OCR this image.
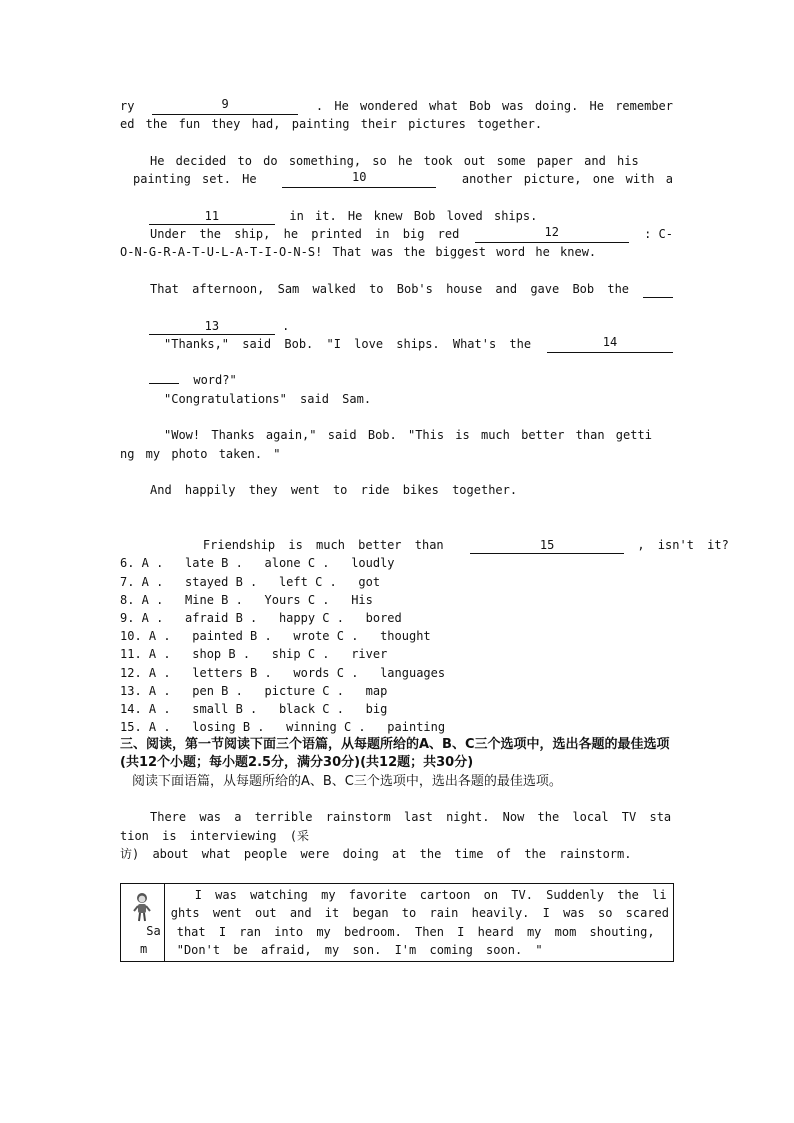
ry	9	. He wondered what Bob was doing. He remember
ed the fun they had, painting their pictures together.
He decided to do something, so he took out some paper and his
painting set. He	10	another picture, one with a

11	in it. He knew Bob loved ships.

Under the ship, he printed in big red	12	: C-
O-N-G-R-A-T-U-L-A-T-I-O-N-S! That was the biggest word he knew.
That afternoon, Sam walked to Bob's house and gave Bob the

13	.

"Thanks," said Bob. "I love ships. What's the	14

word?"

"Congratulations" said Sam.
"Wow! Thanks again," said Bob. "This is much better than getti
ng my photo taken. "
And happily they went to ride bikes together.

Friendship is much better than	15	, isn't it?

6. A .   late B .   alone C .   loudly
7. A .   stayed B .   left C .   got
8. A .   Mine B .   Yours C .   His
9. A .   afraid B .   happy C .   bored
10. A .   painted B .   wrote C .   thought
11. A .   shop B .   ship C .   river
12. A .   letters B .   words C .   languages
13. A .   pen B .   picture C .   map
14. A .   small B .   black C .   big
15. A .   losing B .   winning C .   painting
三、阅读，第一节阅读下面三个语篇，从每题所给的A、B、C三个选项中，选出各题的最佳选项(共12个小题；每小题2.5分，满分30分)(共12题；共30分)
阅读下面语篇，从每题所给的A、B、C三个选项中，选出各题的最佳选项。
There was a terrible rainstorm last night. Now the local TV sta
tion is interviewing (采
访) about what people were doing at the time of the rainstorm.
Sa
m

I was watching my favorite cartoon on TV. Suddenly the li
ghts went out and it began to rain heavily. I was so scared
that I ran into my bedroom. Then I heard my mom shouting,
"Don't be afraid, my son. I'm coming soon. "
